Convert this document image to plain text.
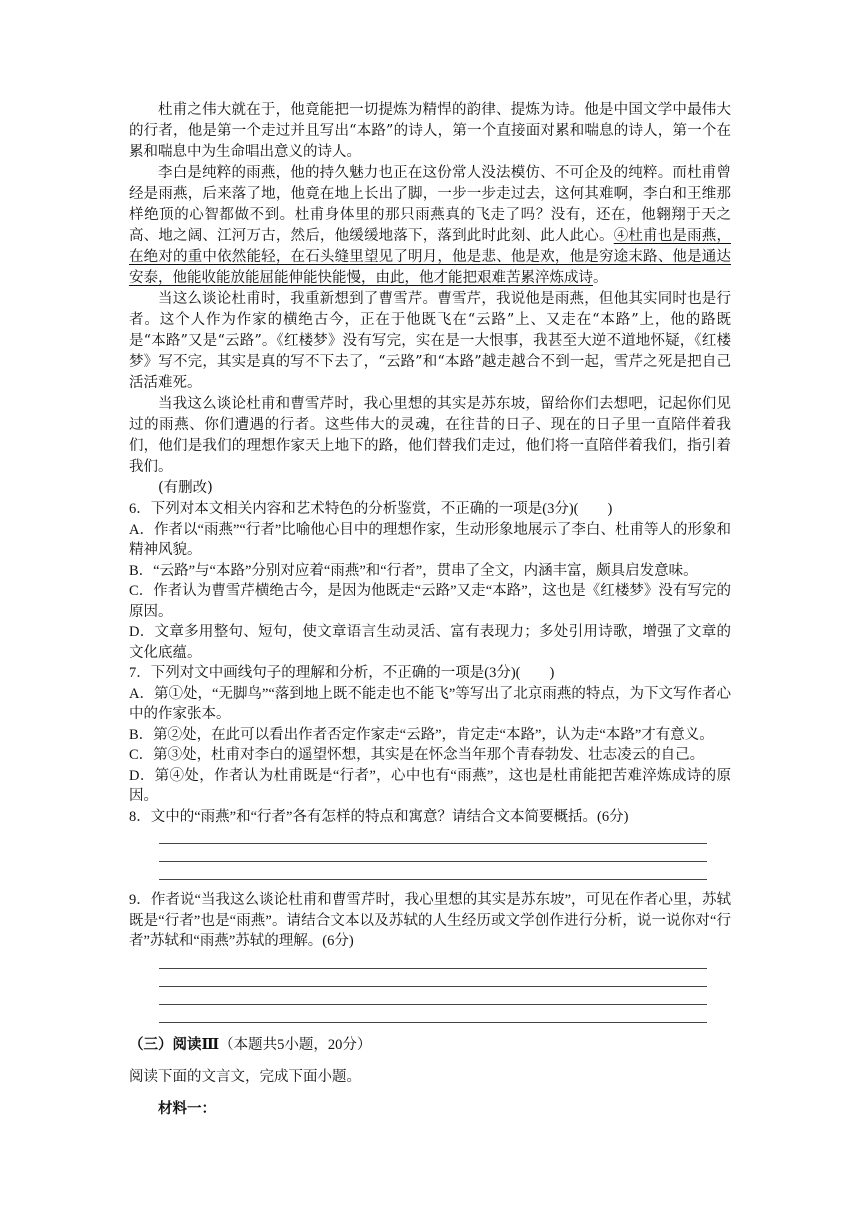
杜甫之伟大就在于，他竟能把一切提炼为精悍的韵律、提炼为诗。他是中国文学中最伟大的行者，他是第一个走过并且写出“本路”的诗人，第一个直接面对累和喘息的诗人，第一个在累和喘息中为生命唱出意义的诗人。

李白是纯粹的雨燕，他的持久魅力也正在这份常人没法模仿、不可企及的纯粹。而杜甫曾经是雨燕，后来落了地，他竟在地上长出了脚，一步一步走过去，这何其难啊，李白和王维那样绝顶的心智都做不到。杜甫身体里的那只雨燕真的飞走了吗？没有，还在，他翱翔于天之高、地之阔、江河万古，然后，他缓缓地落下，落到此时此刻、此人此心。④杜甫也是雨燕，在绝对的重中依然能轻，在石头缝里望见了明月，他是悲、他是欢，他是穷途末路、他是通达安泰，他能收能放能屈能伸能快能慢，由此，他才能把艰难苦累淬炼成诗。

当这么谈论杜甫时，我重新想到了曹雪芹。曹雪芹，我说他是雨燕，但他其实同时也是行者。这个人作为作家的横绝古今，正在于他既飞在“云路”上、又走在“本路”上，他的路既是“本路”又是“云路”。《红楼梦》没有写完，实在是一大恨事，我甚至大逆不道地怀疑，《红楼梦》写不完，其实是真的写不下去了，“云路”和“本路”越走越合不到一起，雪芹之死是把自己活活难死。

当我这么谈论杜甫和曹雪芹时，我心里想的其实是苏东坡，留给你们去想吧，记起你们见过的雨燕、你们遭遇的行者。这些伟大的灵魂，在往昔的日子、现在的日子里一直陪伴着我们，他们是我们的理想作家天上地下的路，他们替我们走过，他们将一直陪伴着我们，指引着我们。

(有删改)

6．下列对本文相关内容和艺术特色的分析鉴赏，不正确的一项是(3分)(　　)

A．作者以“雨燕”“行者”比喻他心目中的理想作家，生动形象地展示了李白、杜甫等人的形象和精神风貌。

B．“云路”与“本路”分别对应着“雨燕”和“行者”，贯串了全文，内涵丰富，颇具启发意味。

C．作者认为曹雪芹横绝古今，是因为他既走“云路”又走“本路”，这也是《红楼梦》没有写完的原因。

D．文章多用整句、短句，使文章语言生动灵活、富有表现力；多处引用诗歌，增强了文章的文化底蕴。

7．下列对文中画线句子的理解和分析，不正确的一项是(3分)(　　)

A．第①处，“无脚鸟”“落到地上既不能走也不能飞”等写出了北京雨燕的特点，为下文写作者心中的作家张本。

B．第②处，在此可以看出作者否定作家走“云路”，肯定走“本路”，认为走“本路”才有意义。

C．第③处，杜甫对李白的遥望怀想，其实是在怀念当年那个青春勃发、壮志凌云的自己。

D．第④处，作者认为杜甫既是“行者”，心中也有“雨燕”，这也是杜甫能把苦难淬炼成诗的原因。

8．文中的“雨燕”和“行者”各有怎样的特点和寓意？请结合文本简要概括。(6分)

9．作者说“当我这么谈论杜甫和曹雪芹时，我心里想的其实是苏东坡”，可见在作者心里，苏轼既是“行者”也是“雨燕”。请结合文本以及苏轼的人生经历或文学创作进行分析，说一说你对“行者”苏轼和“雨燕”苏轼的理解。(6分)

（三）阅读Ⅲ（本题共5小题，20分）

阅读下面的文言文，完成下面小题。

材料一：
